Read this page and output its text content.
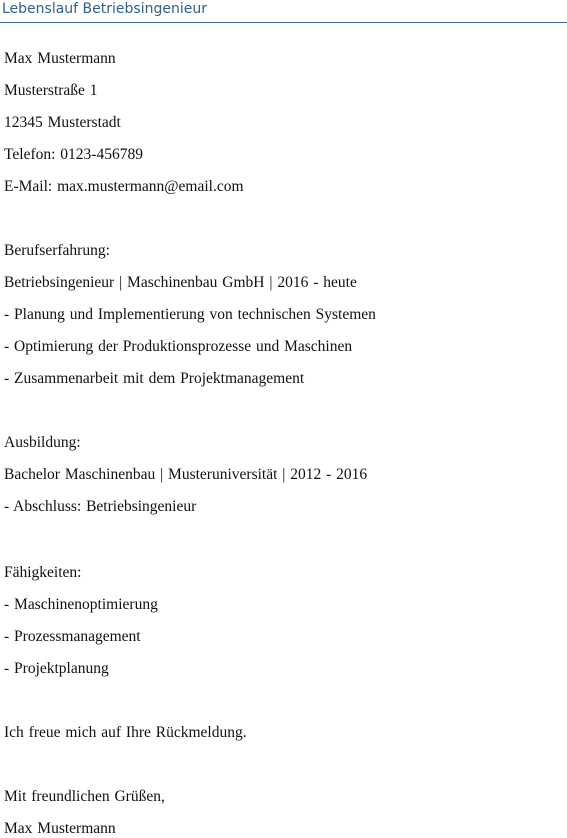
Lebenslauf Betriebsingenieur
Max Mustermann
Musterstraße 1
12345 Musterstadt
Telefon: 0123-456789
E-Mail: max.mustermann@email.com
Berufserfahrung:
Betriebsingenieur | Maschinenbau GmbH | 2016 - heute
- Planung und Implementierung von technischen Systemen
- Optimierung der Produktionsprozesse und Maschinen
- Zusammenarbeit mit dem Projektmanagement
Ausbildung:
Bachelor Maschinenbau | Musteruniversität | 2012 - 2016
- Abschluss: Betriebsingenieur
Fähigkeiten:
- Maschinenoptimierung
- Prozessmanagement
- Projektplanung
Ich freue mich auf Ihre Rückmeldung.
Mit freundlichen Grüßen,
Max Mustermann
